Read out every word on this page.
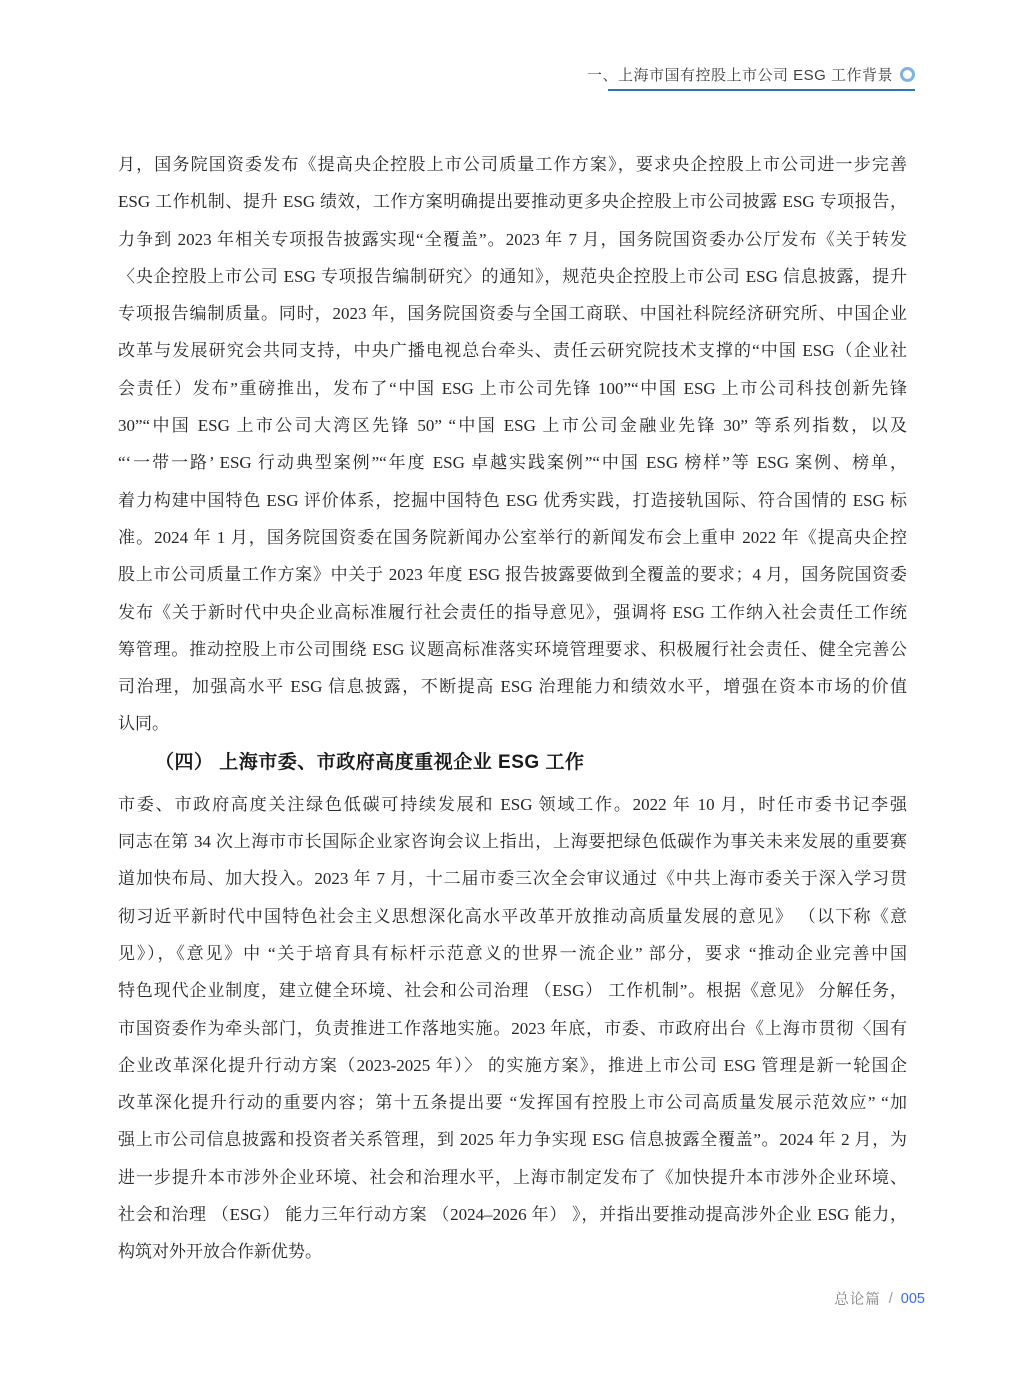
一、上海市国有控股上市公司 ESG 工作背景
月，国务院国资委发布《提高央企控股上市公司质量工作方案》，要求央企控股上市公司进一步完善
ESG 工作机制、提升 ESG 绩效，工作方案明确提出要推动更多央企控股上市公司披露 ESG 专项报告，
力争到 2023 年相关专项报告披露实现“全覆盖”。2023 年 7 月，国务院国资委办公厅发布《关于转发
〈央企控股上市公司 ESG 专项报告编制研究〉的通知》，规范央企控股上市公司 ESG 信息披露，提升
专项报告编制质量。同时，2023 年，国务院国资委与全国工商联、中国社科院经济研究所、中国企业
改革与发展研究会共同支持，中央广播电视总台牵头、责任云研究院技术支撑的“中国 ESG（企业社
会责任）发布”重磅推出，发布了“中国 ESG 上市公司先锋 100”“中国 ESG 上市公司科技创新先锋
30”“中国 ESG 上市公司大湾区先锋 50” “中国 ESG 上市公司金融业先锋 30” 等系列指数，以及
“‘一带一路’ ESG 行动典型案例”“年度 ESG 卓越实践案例”“中国 ESG 榜样”等 ESG 案例、榜单，
着力构建中国特色 ESG 评价体系，挖掘中国特色 ESG 优秀实践，打造接轨国际、符合国情的 ESG 标
准。2024 年 1 月，国务院国资委在国务院新闻办公室举行的新闻发布会上重申 2022 年《提高央企控
股上市公司质量工作方案》中关于 2023 年度 ESG 报告披露要做到全覆盖的要求；4 月，国务院国资委
发布《关于新时代中央企业高标准履行社会责任的指导意见》，强调将 ESG 工作纳入社会责任工作统
筹管理。推动控股上市公司围绕 ESG 议题高标准落实环境管理要求、积极履行社会责任、健全完善公
司治理，加强高水平 ESG 信息披露，不断提高 ESG 治理能力和绩效水平，增强在资本市场的价值
认同。
（四） 上海市委、市政府高度重视企业 ESG 工作
市委、市政府高度关注绿色低碳可持续发展和 ESG 领域工作。2022 年 10 月，时任市委书记李强
同志在第 34 次上海市市长国际企业家咨询会议上指出，上海要把绿色低碳作为事关未来发展的重要赛
道加快布局、加大投入。2023 年 7 月，十二届市委三次全会审议通过《中共上海市委关于深入学习贯
彻习近平新时代中国特色社会主义思想深化高水平改革开放推动高质量发展的意见》 （以下称《意
见》），《意见》中 “关于培育具有标杆示范意义的世界一流企业” 部分，要求 “推动企业完善中国
特色现代企业制度，建立健全环境、社会和公司治理 （ESG） 工作机制”。根据《意见》 分解任务，
市国资委作为牵头部门，负责推进工作落地实施。2023 年底，市委、市政府出台《上海市贯彻〈国有
企业改革深化提升行动方案（2023-2025 年）〉 的实施方案》，推进上市公司 ESG 管理是新一轮国企
改革深化提升行动的重要内容；第十五条提出要 “发挥国有控股上市公司高质量发展示范效应” “加
强上市公司信息披露和投资者关系管理，到 2025 年力争实现 ESG 信息披露全覆盖”。2024 年 2 月，为
进一步提升本市涉外企业环境、社会和治理水平，上海市制定发布了《加快提升本市涉外企业环境、
社会和治理 （ESG） 能力三年行动方案 （2024–2026 年） 》，并指出要推动提高涉外企业 ESG 能力，
构筑对外开放合作新优势。
总论篇 / 005
